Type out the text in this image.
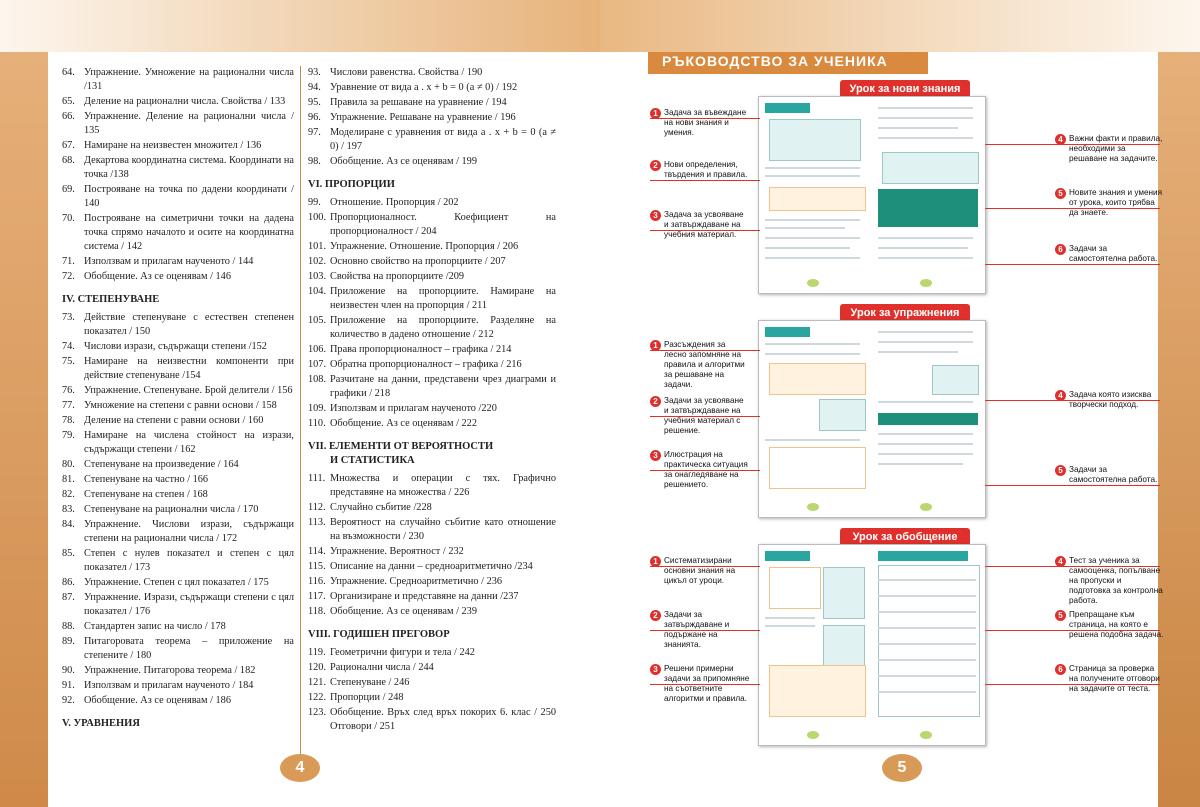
64. Упражнение. Умножение на рационални числа /131
65. Деление на рационални числа. Свойства / 133
66. Упражнение. Деление на рационални числа / 135
67. Намиране на неизвестен множител / 136
68. Декартова координатна система. Координати на точка /138
69. Построяване на точка по дадени координати / 140
70. Построяване на симетрични точки на дадена точка спрямо началото и осите на координатна система / 142
71. Използвам и прилагам наученото / 144
72. Обобщение. Аз се оценявам / 146
IV. СТЕПЕНУВАНЕ
73. Действие степенуване с естествен степенен показател / 150
74. Числови изрази, съдържащи степени /152
75. Намиране на неизвестни компоненти при действие степенуване /154
76. Упражнение. Степенуване. Брой делители / 156
77. Умножение на степени с равни основи / 158
78. Деление на степени с равни основи / 160
79. Намиране на числена стойност на изрази, съдържащи степени / 162
80. Степенуване на произведение / 164
81. Степенуване на частно / 166
82. Степенуване на степен / 168
83. Степенуване на рационални числа / 170
84. Упражнение. Числови изрази, съдържащи степени на рационални числа / 172
85. Степен с нулев показател и степен с цял показател / 173
86. Упражнение. Степен с цял показател / 175
87. Упражнение. Изрази, съдържащи степени с цял показател / 176
88. Стандартен запис на число / 178
89. Питагоровата теорема – приложение на степените / 180
90. Упражнение. Питагорова теорема / 182
91. Използвам и прилагам наученото / 184
92. Обобщение. Аз се оценявам / 186
V. УРАВНЕНИЯ
93. Числови равенства. Свойства / 190
94. Уравнение от вида a . x + b = 0 (a ≠ 0) / 192
95. Правила за решаване на уравнение / 194
96. Упражнение. Решаване на уравнение / 196
97. Моделиране с уравнения от вида a . x + b = 0 (a ≠ 0) / 197
98. Обобщение. Аз се оценявам / 199
VI. ПРОПОРЦИИ
99. Отношение. Пропорция / 202
100. Пропорционалност. Коефициент на пропорционалност / 204
101. Упражнение. Отношение. Пропорция / 206
102. Основно свойство на пропорциите / 207
103. Свойства на пропорциите /209
104. Приложение на пропорциите. Намиране на неизвестен член на пропорция / 211
105. Приложение на пропорциите. Разделяне на количество в дадено отношение / 212
106. Права пропорционалност – графика / 214
107. Обратна пропорционалност – графика / 216
108. Разчитане на данни, представени чрез диаграми и графики / 218
109. Използвам и прилагам наученото /220
110. Обобщение. Аз се оценявам / 222
VII. ЕЛЕМЕНТИ ОТ ВЕРОЯТНОСТИ
И СТАТИСТИКА
111. Множества и операции с тях. Графично представяне на множества / 226
112. Случайно събитие /228
113. Вероятност на случайно събитие като отношение на възможности / 230
114. Упражнение. Вероятност / 232
115. Описание на данни – средноаритметично /234
116. Упражнение. Средноаритметично / 236
117. Организиране и представяне на данни /237
118. Обобщение. Аз се оценявам / 239
VIII. ГОДИШЕН ПРЕГОВОР
119. Геометрични фигури и тела / 242
120. Рационални числа / 244
121. Степенуване / 246
122. Пропорции / 248
123. Обобщение. Връх след връх покорих 6. клас / 250 Отговори / 251
4
РЪКОВОДСТВО ЗА УЧЕНИКА
Урок за нови знания
Урок за упражнения
Урок за обобщение
1 Задача за въвеждане на нови знания и умения.
2 Нови определения, твърдения и правила.
3 Задача за усвояване и затвърждаване на учебния материал.
4 Важни факти и правила, необходими за решаване на задачите.
5 Новите знания и умения от урока, които трябва да знаете.
6 Задачи за самостоятелна работа.
1 Разсъждения за лесно запомняне на правила и алгоритми за решаване на задачи.
2 Задачи за усвояване и затвърждаване на учебния материал с решение.
3 Илюстрация на практическа ситуация за онагледяване на решението.
4 Задача която изисква творчески подход.
5 Задачи за самостоятелна работа.
1 Систематизирани основни знания на цикъл от уроци.
2 Задачи за затвърждаване и подържане на знанията.
3 Решени примерни задачи за припомняне на съответните алгоритми и правила.
4 Тест за ученика за самооценка, попълване на пропуски и подготовка за контролна работа.
5 Препращане към страница, на която е решена подобна задача.
6 Страница за проверка на получените отговори на задачите от теста.
5
